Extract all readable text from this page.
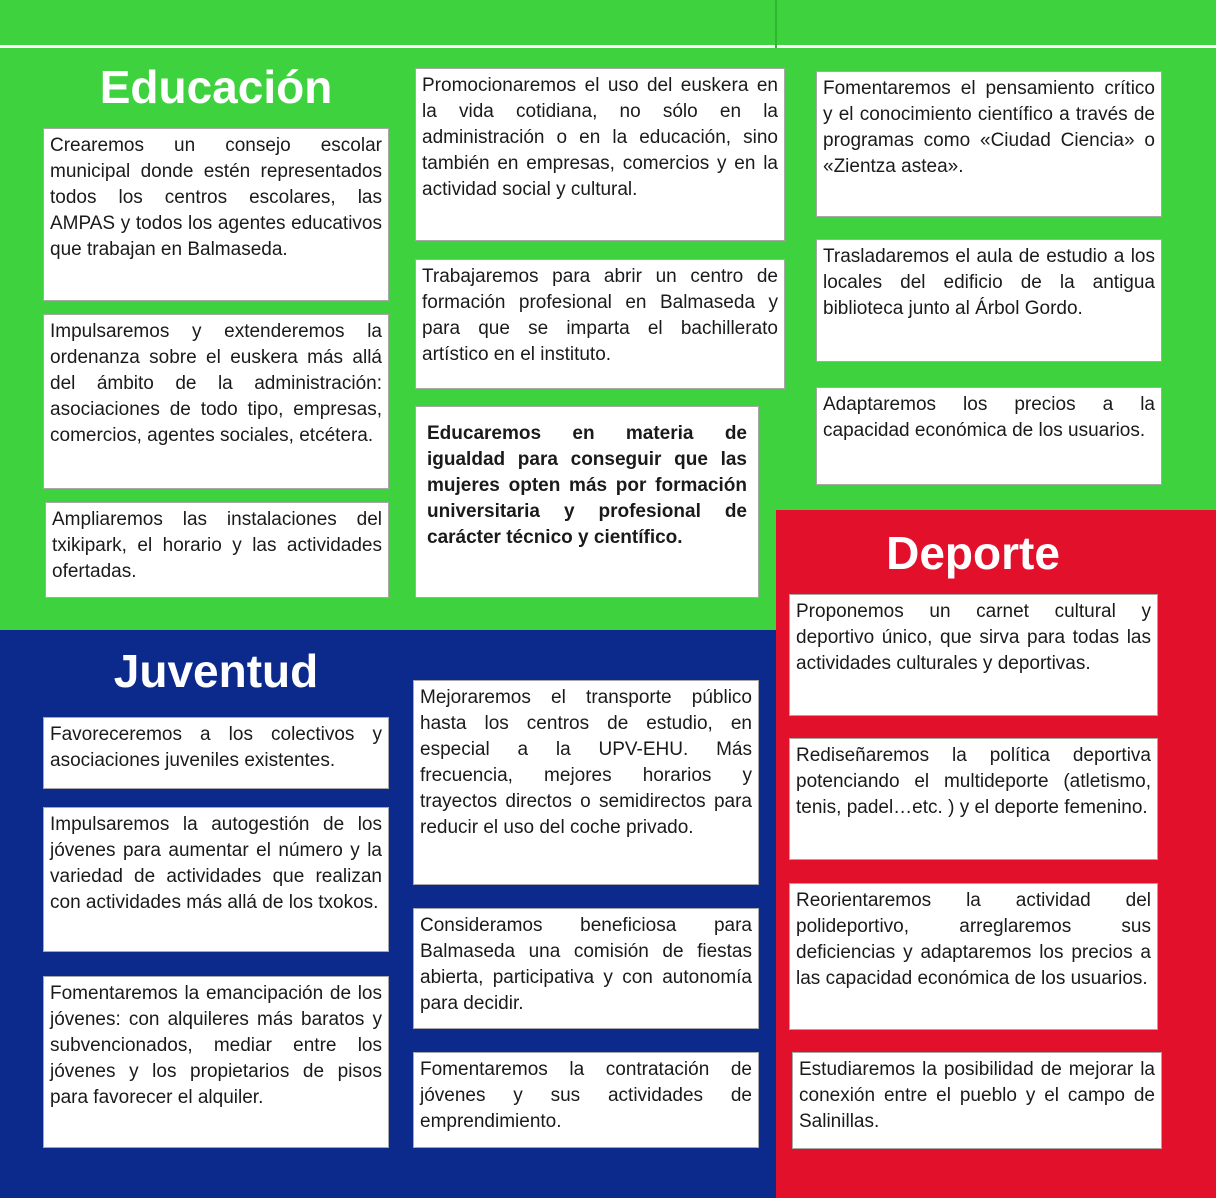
Educación
Crearemos un consejo escolar municipal donde estén representados todos los centros escolares, las AMPAS y todos los agentes educativos que trabajan en Balmaseda.
Impulsaremos y extenderemos la ordenanza sobre el euskera más allá del ámbito de la administración: asociaciones de todo tipo, empresas, comercios, agentes sociales, etcétera.
Ampliaremos las instalaciones del txikipark, el horario y las actividades ofertadas.
Promocionaremos el uso del euskera en la vida cotidiana, no sólo en la administración o en la educación, sino también en empresas, comercios y en la actividad social y cultural.
Trabajaremos para abrir un centro de formación profesional en Balmaseda y para que se imparta el bachillerato artístico en el instituto.
Educaremos en materia de igualdad para conseguir que las mujeres opten más por formación universitaria y profesional de carácter técnico y científico.
Fomentaremos el pensamiento crítico y el conocimiento científico a través de programas como «Ciudad Ciencia» o «Zientza astea».
Trasladaremos el aula de estudio a los locales del edificio de la antigua biblioteca junto al Árbol Gordo.
Adaptaremos los precios a la capacidad económica de los usuarios.
Juventud
Favoreceremos a los colectivos y asociaciones juveniles existentes.
Impulsaremos la autogestión de los jóvenes para aumentar el número y la variedad de actividades que realizan con actividades más allá de los txokos.
Fomentaremos la emancipación de los jóvenes: con alquileres más baratos y subvencionados, mediar entre los jóvenes y los propietarios de pisos para favorecer el alquiler.
Mejoraremos el transporte público hasta los centros de estudio, en especial a la UPV-EHU. Más frecuencia, mejores horarios y trayectos directos o semidirectos para reducir el uso del coche privado.
Consideramos beneficiosa para Balmaseda una comisión de fiestas abierta, participativa y con autonomía para decidir.
Fomentaremos la contratación de jóvenes y sus actividades de emprendimiento.
Deporte
Proponemos un carnet cultural y deportivo único, que sirva para todas las actividades culturales y deportivas.
Rediseñaremos la política deportiva potenciando el multideporte (atletismo, tenis, padel…etc. ) y el deporte femenino.
Reorientaremos la actividad del polideportivo, arreglaremos sus deficiencias y adaptaremos los precios a las capacidad económica de los usuarios.
Estudiaremos la posibilidad de mejorar la conexión entre el pueblo y el campo de Salinillas.
